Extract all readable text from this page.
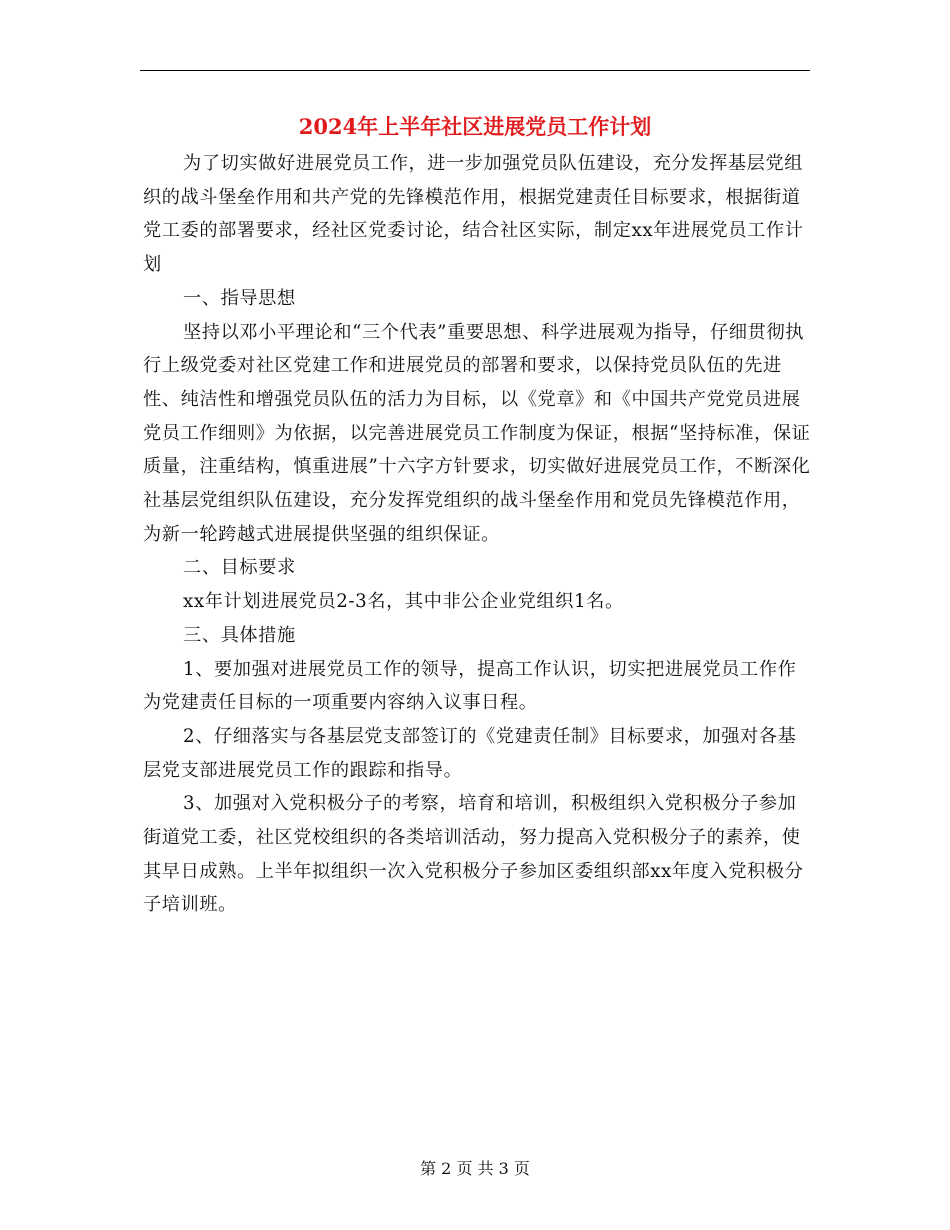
2024年上半年社区进展党员工作计划

为了切实做好进展党员工作，进一步加强党员队伍建设，充分发挥基层党组织的战斗堡垒作用和共产党的先锋模范作用，根据党建责任目标要求，根据街道党工委的部署要求，经社区党委讨论，结合社区实际，制定xx年进展党员工作计划

一、指导思想

坚持以邓小平理论和“三个代表”重要思想、科学进展观为指导，仔细贯彻执行上级党委对社区党建工作和进展党员的部署和要求，以保持党员队伍的先进性、纯洁性和增强党员队伍的活力为目标，以《党章》和《中国共产党党员进展党员工作细则》为依据，以完善进展党员工作制度为保证，根据“坚持标准，保证质量，注重结构，慎重进展”十六字方针要求，切实做好进展党员工作，不断深化社基层党组织队伍建设，充分发挥党组织的战斗堡垒作用和党员先锋模范作用，为新一轮跨越式进展提供坚强的组织保证。

二、目标要求

xx年计划进展党员2-3名，其中非公企业党组织1名。

三、具体措施

1、要加强对进展党员工作的领导，提高工作认识，切实把进展党员工作作为党建责任目标的一项重要内容纳入议事日程。

2、仔细落实与各基层党支部签订的《党建责任制》目标要求，加强对各基层党支部进展党员工作的跟踪和指导。

3、加强对入党积极分子的考察，培育和培训，积极组织入党积极分子参加街道党工委，社区党校组织的各类培训活动，努力提高入党积极分子的素养，使其早日成熟。上半年拟组织一次入党积极分子参加区委组织部xx年度入党积极分子培训班。

第 2 页 共 3 页
